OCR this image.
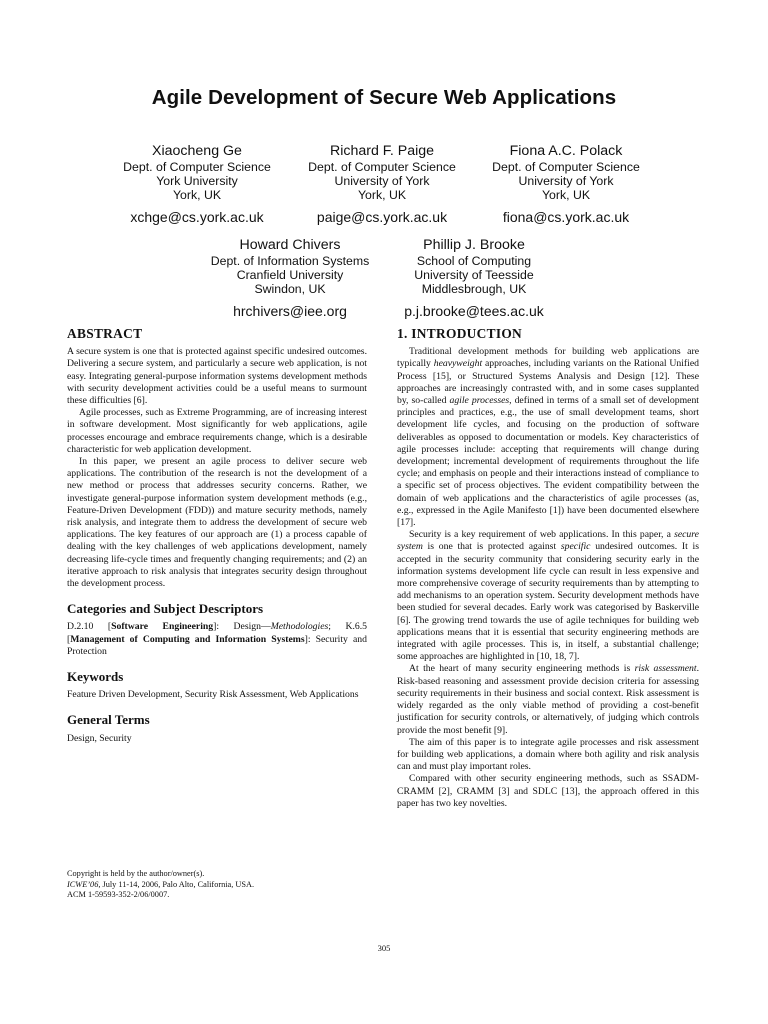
Agile Development of Secure Web Applications
Xiaocheng Ge
Dept. of Computer Science
York University
York, UK
xchge@cs.york.ac.uk
Richard F. Paige
Dept. of Computer Science
University of York
York, UK
paige@cs.york.ac.uk
Fiona A.C. Polack
Dept. of Computer Science
University of York
York, UK
fiona@cs.york.ac.uk
Howard Chivers
Dept. of Information Systems
Cranfield University
Swindon, UK
hrchivers@iee.org
Phillip J. Brooke
School of Computing
University of Teesside
Middlesbrough, UK
p.j.brooke@tees.ac.uk
ABSTRACT

A secure system is one that is protected against specific undesired outcomes. Delivering a secure system, and particularly a secure web application, is not easy. Integrating general-purpose information systems development methods with security development activities could be a useful means to surmount these difficulties [6].

Agile processes, such as Extreme Programming, are of increasing interest in software development. Most significantly for web applications, agile processes encourage and embrace requirements change, which is a desirable characteristic for web application development.

In this paper, we present an agile process to deliver secure web applications. The contribution of the research is not the development of a new method or process that addresses security concerns. Rather, we investigate general-purpose information system development methods (e.g., Feature-Driven Development (FDD)) and mature security methods, namely risk analysis, and integrate them to address the development of secure web applications. The key features of our approach are (1) a process capable of dealing with the key challenges of web applications development, namely decreasing life-cycle times and frequently changing requirements; and (2) an iterative approach to risk analysis that integrates security design throughout the development process.

Categories and Subject Descriptors

D.2.10 [Software Engineering]: Design—Methodologies; K.6.5 [Management of Computing and Information Systems]: Security and Protection

Keywords

Feature Driven Development, Security Risk Assessment, Web Applications

General Terms

Design, Security

Copyright is held by the author/owner(s).
ICWE’06, July 11-14, 2006, Palo Alto, California, USA.
ACM 1-59593-352-2/06/0007.
1. INTRODUCTION

Traditional development methods for building web applications are typically heavyweight approaches, including variants on the Rational Unified Process [15], or Structured Systems Analysis and Design [12]. These approaches are increasingly contrasted with, and in some cases supplanted by, so-called agile processes, defined in terms of a small set of development principles and practices, e.g., the use of small development teams, short development life cycles, and focusing on the production of software deliverables as opposed to documentation or models. Key characteristics of agile processes include: accepting that requirements will change during development; incremental development of requirements throughout the life cycle; and emphasis on people and their interactions instead of compliance to a specific set of process objectives. The evident compatibility between the domain of web applications and the characteristics of agile processes (as, e.g., expressed in the Agile Manifesto [1]) have been documented elsewhere [17].

Security is a key requirement of web applications. In this paper, a secure system is one that is protected against specific undesired outcomes. It is accepted in the security community that considering security early in the information systems development life cycle can result in less expensive and more comprehensive coverage of security requirements than by attempting to add mechanisms to an operation system. Security development methods have been studied for several decades. Early work was categorised by Baskerville [6]. The growing trend towards the use of agile techniques for building web applications means that it is essential that security engineering methods are integrated with agile processes. This is, in itself, a substantial challenge; some approaches are highlighted in [10, 18, 7].

At the heart of many security engineering methods is risk assessment. Risk-based reasoning and assessment provide decision criteria for assessing security requirements in their business and social context. Risk assessment is widely regarded as the only viable method of providing a cost-benefit justification for security controls, or alternatively, of judging which controls provide the most benefit [9].

The aim of this paper is to integrate agile processes and risk assessment for building web applications, a domain where both agility and risk analysis can and must play important roles.

Compared with other security engineering methods, such as SSADM-CRAMM [2], CRAMM [3] and SDLC [13], the approach offered in this paper has two key novelties.

305
